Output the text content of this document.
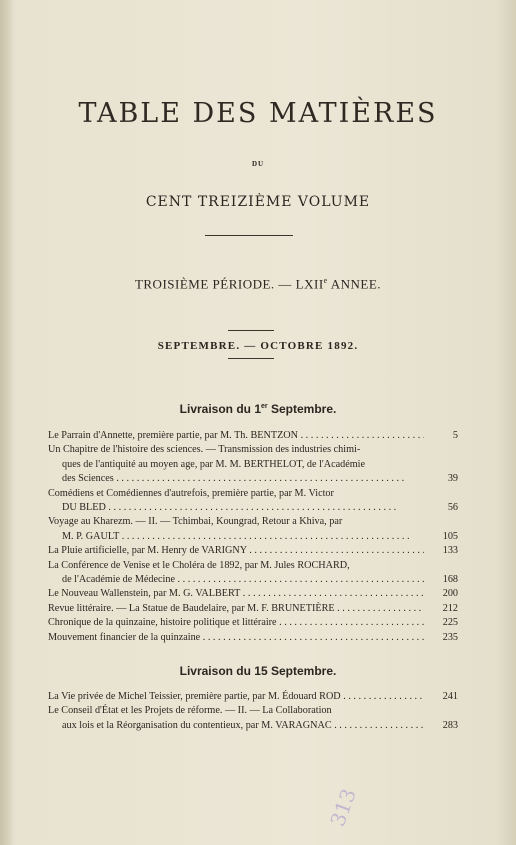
TABLE DES MATIÈRES
DU
CENT TREIZIÈME VOLUME
TROISIÈME PÉRIODE. — LXIIe ANNEE.
SEPTEMBRE. — OCTOBRE 1892.
Livraison du 1er Septembre.
Le Parrain d'Annette, première partie, par M. Th. BENTZON . . .	5
Un Chapitre de l'histoire des sciences. — Transmission des industries chimi-
ques de l'antiquité au moyen age, par M. M. BERTHELOT, de l'Académie
des Sciences . . .	39
Comédiens et Comédiennes d'autrefois, première partie, par M. Victor
DU BLED . . .	56
Voyage au Kharezm. — II. — Tchimbai, Koungrad, Retour a Khiva, par
M. P. GAULT . . .	105
La Pluie artificielle, par M. Henry de VARIGNY . . .	133
La Conférence de Venise et le Choléra de 1892, par M. Jules ROCHARD,
de l'Académie de Médecine . . .	168
Le Nouveau Wallenstein, par M. G. VALBERT . . .	200
Revue littéraire. — La Statue de Baudelaire, par M. F. BRUNETIÈRE . . .	212
Chronique de la quinzaine, histoire politique et littéraire . . .	225
Mouvement financier de la quinzaine . . .	235
Livraison du 15 Septembre.
La Vie privée de Michel Teissier, première partie, par M. Édouard ROD . . .	241
Le Conseil d'État et les Projets de réforme. — II. — La Collaboration
aux lois et la Réorganisation du contentieux, par M. VARAGNAC . . .	283
313
